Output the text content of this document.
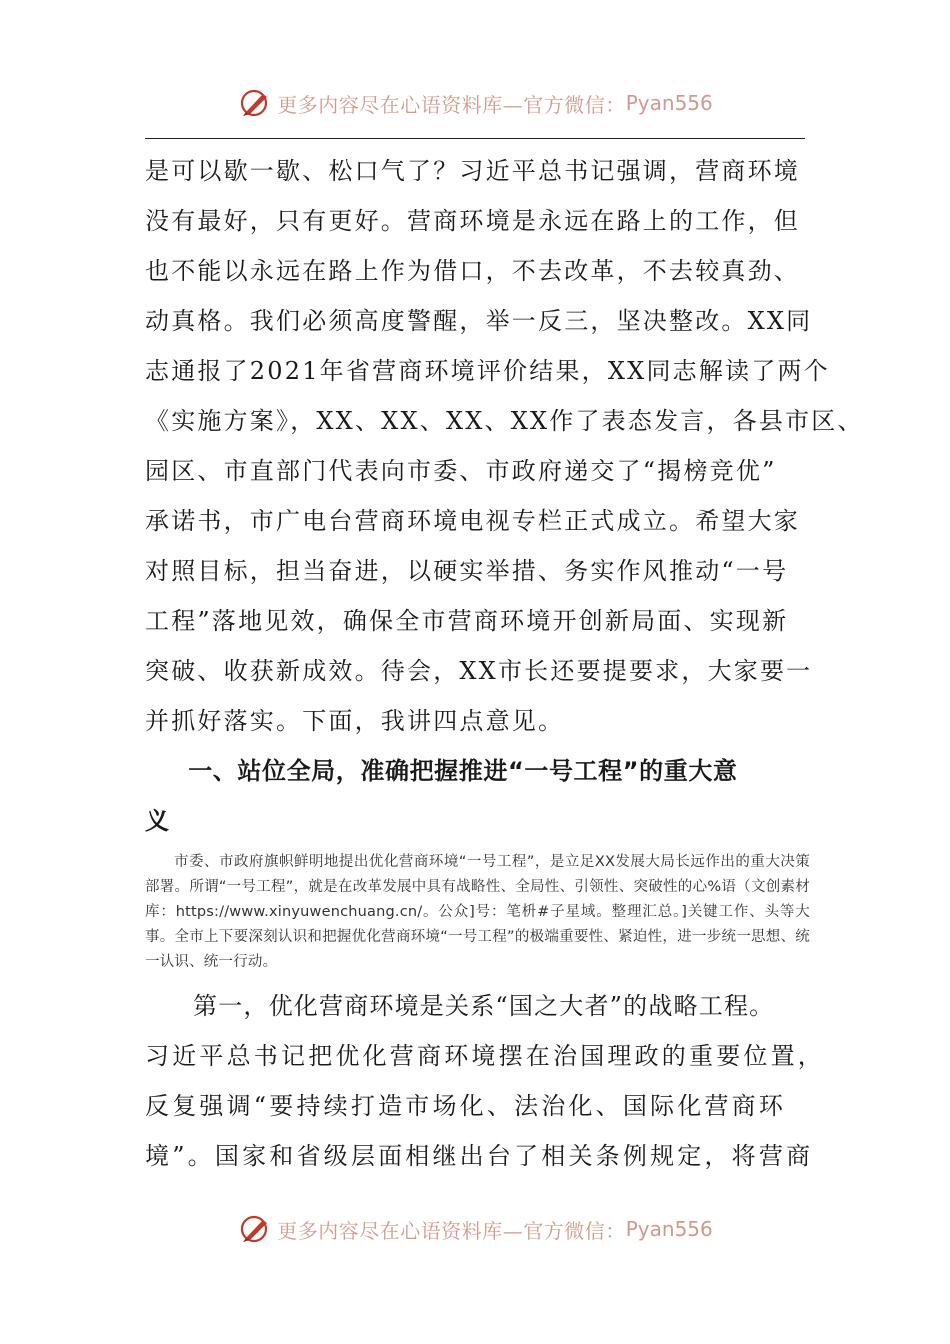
更多内容尽在心语资料库—官方微信： Pyan556
是可以歇一歇、松口气了？习近平总书记强调，营商环境
没有最好，只有更好。营商环境是永远在路上的工作，但
也不能以永远在路上作为借口，不去改革，不去较真劲、
动真格。我们必须高度警醒，举一反三，坚决整改。XX同
志通报了2021年省营商环境评价结果，XX同志解读了两个
《实施方案》，XX、XX、XX、XX作了表态发言，各县市区、
园区、市直部门代表向市委、市政府递交了“揭榜竞优”
承诺书，市广电台营商环境电视专栏正式成立。希望大家
对照目标，担当奋进，以硬实举措、务实作风推动“一号
工程”落地见效，确保全市营商环境开创新局面、实现新
突破、收获新成效。待会，XX市长还要提要求，大家要一
并抓好落实。下面，我讲四点意见。
一、站位全局，准确把握推进“一号工程”的重大意
义

市委、市政府旗帜鲜明地提出优化营商环境“一号工程”，是立足XX发展大局长远作出的重大决策部署。所谓“一号工程”，就是在改革发展中具有战略性、全局性、引领性、突破性的心%语（文创素材库：https://www.xinyuwenchuang.cn/。公众]号：笔枡#子星域。整理汇总。]关键工作、头等大事。全市上下要深刻认识和把握优化营商环境“一号工程”的极端重要性、紧迫性，进一步统一思想、统一认识、统一行动。

第一，优化营商环境是关系“国之大者”的战略工程。
习近平总书记把优化营商环境摆在治国理政的重要位置，
反复强调“要持续打造市场化、法治化、国际化营商环
境”。国家和省级层面相继出台了相关条例规定，将营商
更多内容尽在心语资料库—官方微信： Pyan556
